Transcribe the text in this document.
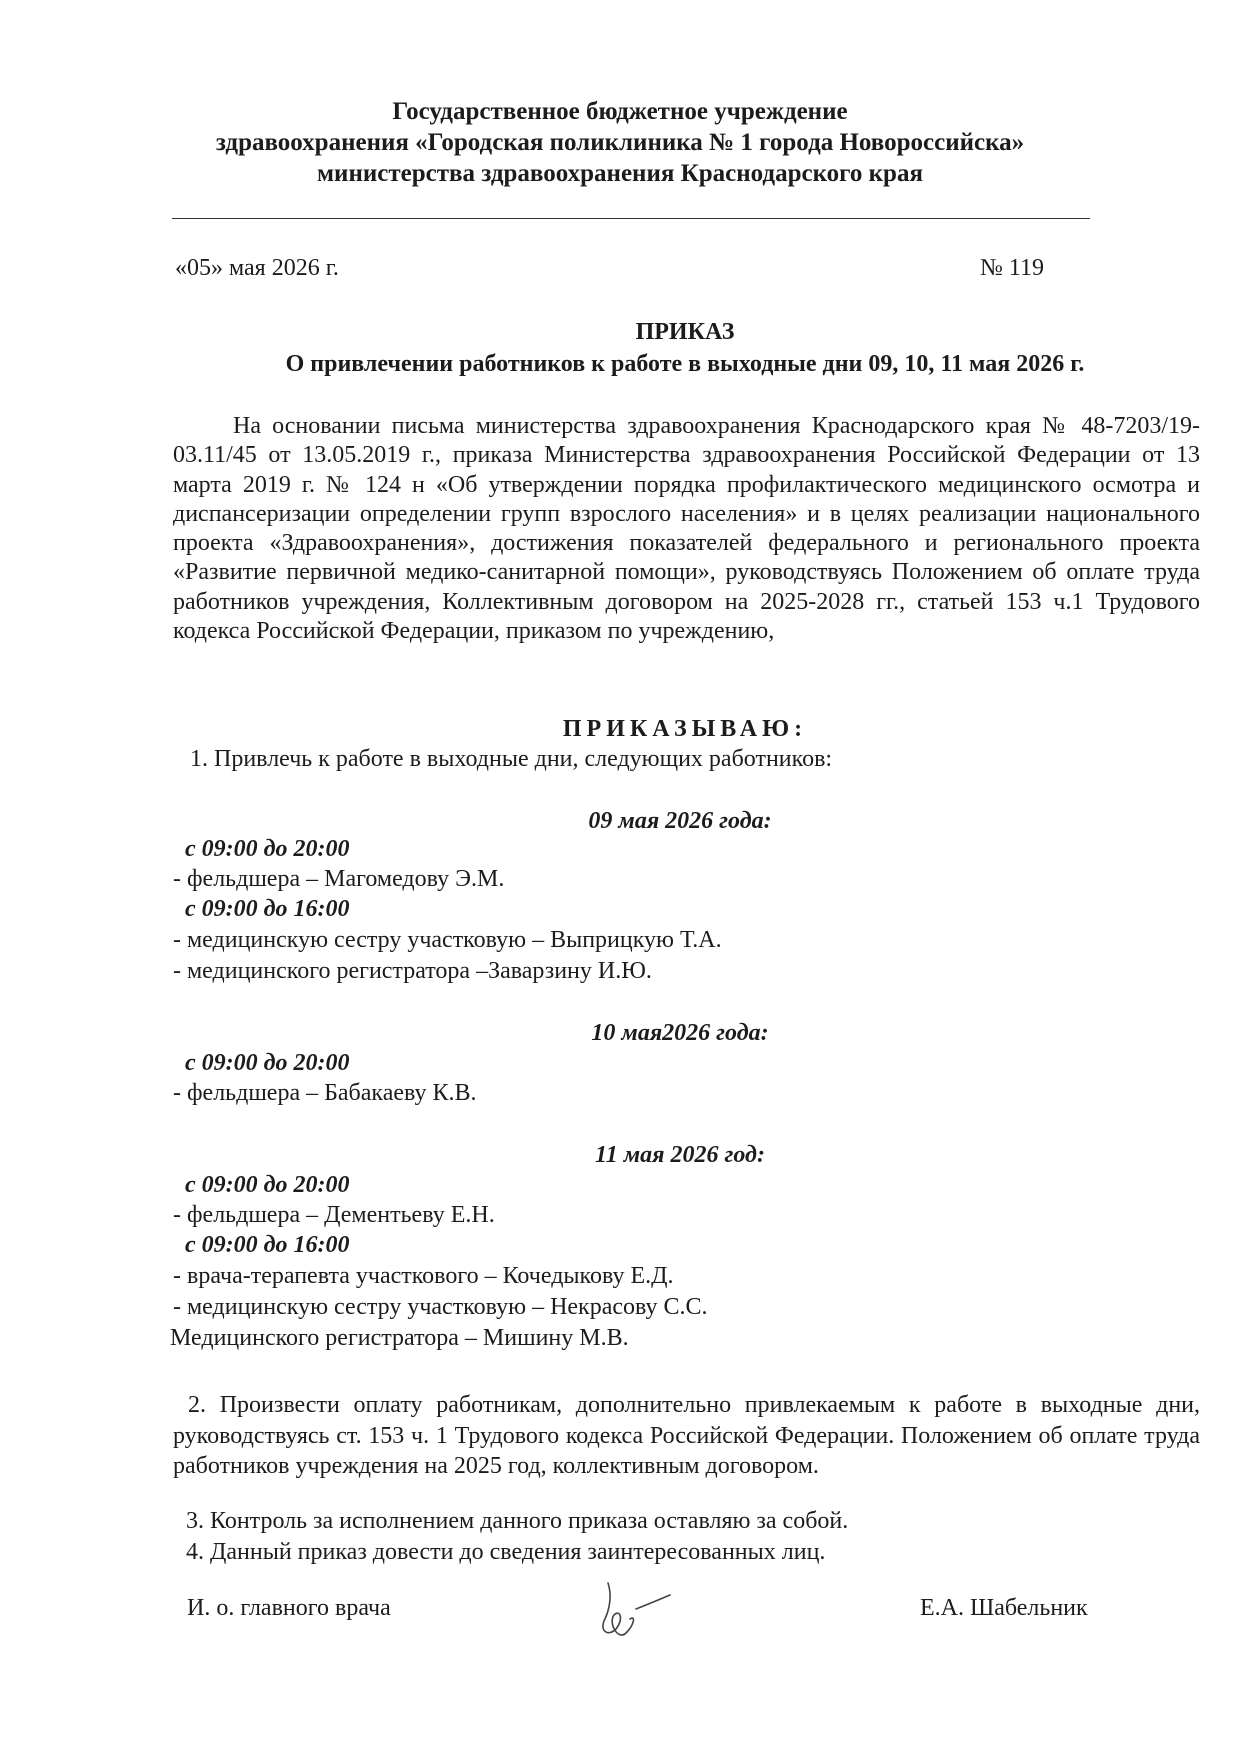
Государственное бюджетное учреждение
здравоохранения «Городская поликлиника № 1 города Новороссийска»
министерства здравоохранения Краснодарского края
«05» мая 2026 г.	№ 119
ПРИКАЗ
О привлечении работников к работе в выходные дни 09, 10, 11 мая 2026 г.
На основании письма министерства здравоохранения Краснодарского края № 48-7203/19-03.11/45 от 13.05.2019 г., приказа Министерства здравоохранения Российской Федерации от 13 марта 2019 г. № 124 н «Об утверждении порядка профилактического медицинского осмотра и диспансеризации определении групп взрослого населения» и в целях реализации национального проекта «Здравоохранения», достижения показателей федерального и регионального проекта «Развитие первичной медико-санитарной помощи», руководствуясь Положением об оплате труда работников учреждения, Коллективным договором на 2025-2028 гг., статьей 153 ч.1 Трудового кодекса Российской Федерации, приказом по учреждению,
ПРИКАЗЫВАЮ:
1. Привлечь к работе в выходные дни, следующих работников:
09 мая 2026 года:
с 09:00 до 20:00
- фельдшера – Магомедову Э.М.
с 09:00 до 16:00
- медицинскую сестру участковую – Выприцкую Т.А.
- медицинского регистратора –Заварзину И.Ю.
10 мая2026 года:
с 09:00 до 20:00
- фельдшера – Бабакаеву К.В.
11 мая 2026 год:
с 09:00 до 20:00
- фельдшера – Дементьеву Е.Н.
с 09:00 до 16:00
- врача-терапевта участкового – Кочедыкову Е.Д.
- медицинскую сестру участковую – Некрасову С.С.
Медицинского регистратора – Мишину М.В.
2. Произвести оплату работникам, дополнительно привлекаемым к работе в выходные дни, руководствуясь ст. 153 ч. 1 Трудового кодекса Российской Федерации. Положением об оплате труда работников учреждения на 2025 год, коллективным договором.
3. Контроль за исполнением данного приказа оставляю за собой.
4. Данный приказ довести до сведения заинтересованных лиц.
И. о. главного врача	Е.А. Шабельник
